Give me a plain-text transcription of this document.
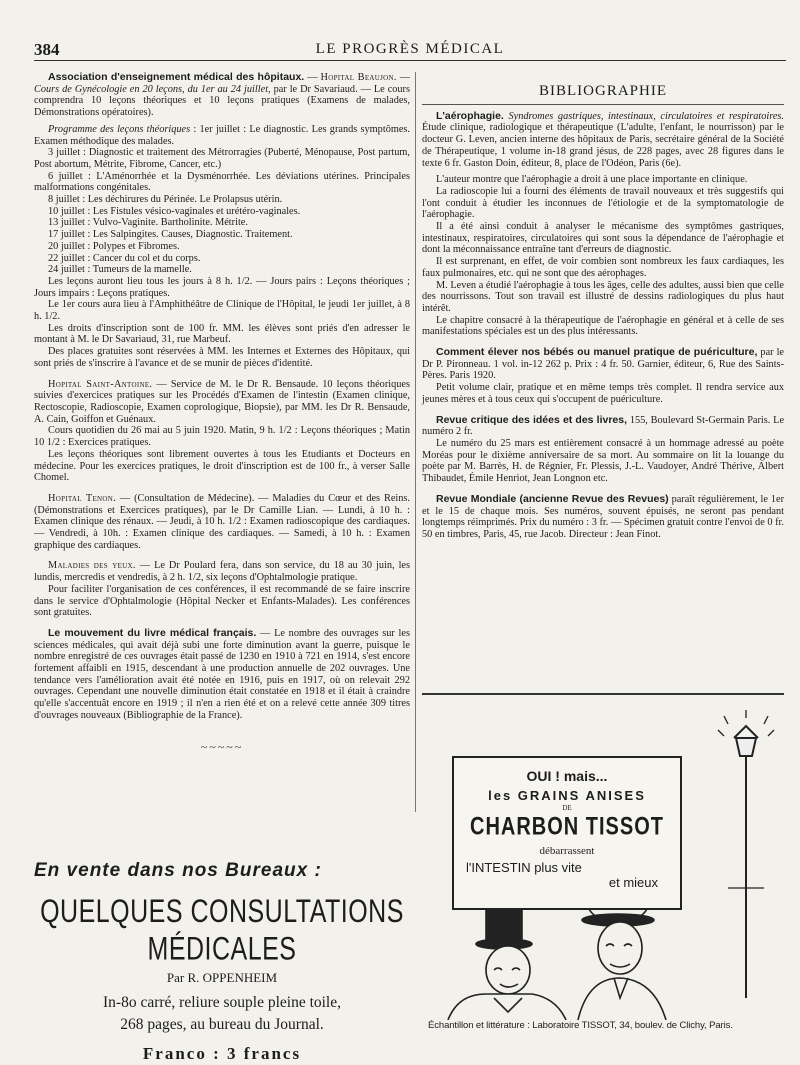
384	LE PROGRÈS MÉDICAL

Association d'enseignement médical des hôpitaux. — Hopital Beaujon. — Cours de Gynécologie en 20 leçons, du 1er au 24 juillet, par le Dr Savariaud. — Le cours comprendra 10 leçons théoriques et 10 leçons pratiques (Examens de malades, Démonstrations opératoires).

Programme des leçons théoriques : 1er juillet : Le diagnostic. Les grands symptômes. Examen méthodique des malades.

3 juillet : Diagnostic et traitement des Métrorragies (Puberté, Ménopause, Post partum, Post abortum, Métrite, Fibrome, Cancer, etc.)

6 juillet : L'Aménorrhée et la Dysménorrhée. Les déviations utérines. Principales malformations congénitales.

8 juillet : Les déchirures du Périnée. Le Prolapsus utérin.

10 juillet : Les Fistules vésico-vaginales et urétéro-vaginales.

13 juillet : Vulvo-Vaginite. Bartholinite. Métrite.

17 juillet : Les Salpingites. Causes, Diagnostic. Traitement.

20 juillet : Polypes et Fibromes.

22 juillet : Cancer du col et du corps.

24 juillet : Tumeurs de la mamelle.

Les leçons auront lieu tous les jours à 8 h. 1/2. — Jours pairs : Leçons théoriques ; Jours impairs : Leçons pratiques.

Le 1er cours aura lieu à l'Amphithéâtre de Clinique de l'Hôpital, le jeudi 1er juillet, à 8 h. 1/2.

Les droits d'inscription sont de 100 fr. MM. les élèves sont priés d'en adresser le montant à M. le Dr Savariaud, 31, rue Marbeuf.

Des places gratuites sont réservées à MM. les Internes et Externes des Hôpitaux, qui sont priés de s'inscrire à l'avance et de se munir de pièces d'identité.

Hopital Saint-Antoine. — Service de M. le Dr R. Bensaude. 10 leçons théoriques suivies d'exercices pratiques sur les Procédés d'Examen de l'intestin (Examen clinique, Rectoscopie, Radioscopie, Examen coprologique, Biopsie), par MM. les Dr R. Bensaude, A. Cain, Goiffon et Guénaux.

Cours quotidien du 26 mai au 5 juin 1920. Matin, 9 h. 1/2 : Leçons théoriques ; Matin 10 1/2 : Exercices pratiques.

Les leçons théoriques sont librement ouvertes à tous les Etudiants et Docteurs en médecine. Pour les exercices pratiques, le droit d'inscription est de 100 fr., à verser Salle Chomel.

Hopital Tenon. — (Consultation de Médecine). — Maladies du Cœur et des Reins. (Démonstrations et Exercices pratiques), par le Dr Camille Lian. — Lundi, à 10 h. : Examen clinique des rénaux. — Jeudi, à 10 h. 1/2 : Examen radioscopique des cardiaques. — Vendredi, à 10h. : Examen clinique des cardiaques. — Samedi, à 10 h. : Examen graphique des cardiaques.

Maladies des yeux. — Le Dr Poulard fera, dans son service, du 18 au 30 juin, les lundis, mercredis et vendredis, à 2 h. 1/2, six leçons d'Ophtalmologie pratique.

Pour faciliter l'organisation de ces conférences, il est recommandé de se faire inscrire dans le service d'Ophtalmologie (Hôpital Necker et Enfants-Malades). Les conférences sont gratuites.

Le mouvement du livre médical français. — Le nombre des ouvrages sur les sciences médicales, qui avait déjà subi une forte diminution avant la guerre, puisque le nombre enregistré de ces ouvrages était passé de 1230 en 1910 à 721 en 1914, s'est encore fortement affaibli en 1915, descendant à une production annuelle de 202 ouvrages. Une tendance vers l'amélioration avait été notée en 1916, puis en 1917, où on relevait 292 ouvrages. Cependant une nouvelle diminution était constatée en 1918 et il était à craindre qu'elle s'accentuât encore en 1919 ; il n'en a rien été et on a relevé cette année 309 titres d'ouvrages nouveaux (Bibliographie de la France).

~~~~~
BIBLIOGRAPHIE

L'aérophagie. Syndromes gastriques, intestinaux, circulatoires et respiratoires. Étude clinique, radiologique et thérapeutique (L'adulte, l'enfant, le nourrisson) par le docteur G. Leven, ancien interne des hôpitaux de Paris, secrétaire général de la Société de Thérapeutique, 1 volume in-18 grand jésus, de 228 pages, avec 28 figures dans le texte 6 fr. Gaston Doin, éditeur, 8, place de l'Odéon, Paris (6e).

L'auteur montre que l'aérophagie a droit à une place importante en clinique.

La radioscopie lui a fourni des éléments de travail nouveaux et très suggestifs qui l'ont conduit à étudier les inconnues de l'étiologie et de la symptomatologie de l'aérophagie.

Il a été ainsi conduit à analyser le mécanisme des symptômes gastriques, intestinaux, respiratoires, circulatoires qui sont sous la dépendance de l'aérophagie et dont la méconnaissance entraîne tant d'erreurs de diagnostic.

Il est surprenant, en effet, de voir combien sont nombreux les faux cardiaques, les faux pulmonaires, etc. qui ne sont que des aérophages.

M. Leven a étudié l'aérophagie à tous les âges, celle des adultes, aussi bien que celle des nourrissons. Tout son travail est illustré de dessins radiologiques du plus haut intérêt.

Le chapitre consacré à la thérapeutique de l'aérophagie en général et à celle de ses manifestations spéciales est un des plus intéressants.

Comment élever nos bébés ou manuel pratique de puériculture, par le Dr P. Pironneau. 1 vol. in-12 262 p. Prix : 4 fr. 50. Garnier, éditeur, 6, Rue des Saints-Pères. Paris 1920.

Petit volume clair, pratique et en même temps très complet. Il rendra service aux jeunes mères et à tous ceux qui s'occupent de puériculture.

Revue critique des idées et des livres, 155, Boulevard St-Germain Paris. Le numéro 2 fr.

Le numéro du 25 mars est entièrement consacré à un hommage adressé au poète Moréas pour le dixième anniversaire de sa mort. Au sommaire on lit la louange du poète par M. Barrès, H. de Régnier, Fr. Plessis, J.-L. Vaudoyer, André Thérive, Albert Thibaudet, Émile Henriot, Jean Longnon etc.

Revue Mondiale (ancienne Revue des Revues) paraît régulièrement, le 1er et le 15 de chaque mois. Ses numéros, souvent épuisés, ne seront pas pendant longtemps réimprimés. Prix du numéro : 3 fr. — Spécimen gratuit contre l'envoi de 0 fr. 50 en timbres, Paris, 45, rue Jacob. Directeur : Jean Finot.

En vente dans nos Bureaux :
QUELQUES CONSULTATIONS MÉDICALES
Par R. OPPENHEIM
In-8o carré, reliure souple pleine toile,
268 pages, au bureau du Journal.
Franco : 3 francs
OUI ! mais...
les GRAINS ANISES
DE
CHARBON TISSOT
débarrassent
l'INTESTIN plus vite
et mieux
Échantillon et littérature : Laboratoire TISSOT, 34, boulev. de Clichy, Paris.
